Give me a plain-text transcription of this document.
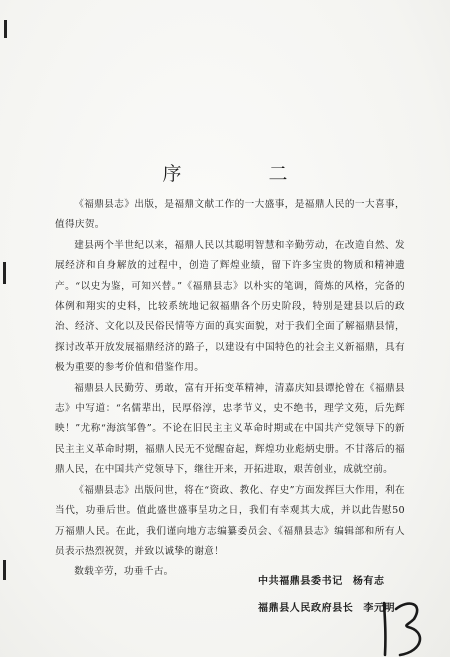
序　二

《福鼎县志》出版，是福鼎文献工作的一大盛事，是福鼎人民的一大喜事，值得庆贺。

建县两个半世纪以来，福鼎人民以其聪明智慧和辛勤劳动，在改造自然、发展经济和自身解放的过程中，创造了辉煌业绩，留下许多宝贵的物质和精神遗产。“以史为鉴，可知兴替。”《福鼎县志》以朴实的笔调，简炼的风格，完备的体例和翔实的史料，比较系统地记叙福鼎各个历史阶段，特别是建县以后的政治、经济、文化以及民俗民情等方面的真实面貌，对于我们全面了解福鼎县情，探讨改革开放发展福鼎经济的路子，以建设有中国特色的社会主义新福鼎，具有极为重要的参考价值和借鉴作用。

福鼎县人民勤劳、勇敢，富有开拓变革精神，清嘉庆知县谭抡曾在《福鼎县志》中写道：“名儒辈出，民厚俗淳，忠孝节义，史不绝书，理学文苑，后先辉映！”尤称“海滨邹鲁”。不论在旧民主主义革命时期或在中国共产党领导下的新民主主义革命时期，福鼎人民无不觉醒奋起，辉煌功业彪炳史册。不甘落后的福鼎人民，在中国共产党领导下，继往开来，开拓进取，艰苦创业，成就空前。

《福鼎县志》出版问世，将在“资政、教化、存史”方面发挥巨大作用，利在当代，功垂后世。值此盛世盛事呈功之日，我们有幸观其大成，并以此告慰50万福鼎人民。在此，我们谨向地方志编纂委员会、《福鼎县志》编辑部和所有人员表示热烈祝贺，并致以诚挚的谢意！

数载辛劳，功垂千古。

中共福鼎县委书记 杨有志
福鼎县人民政府县长 李元明
